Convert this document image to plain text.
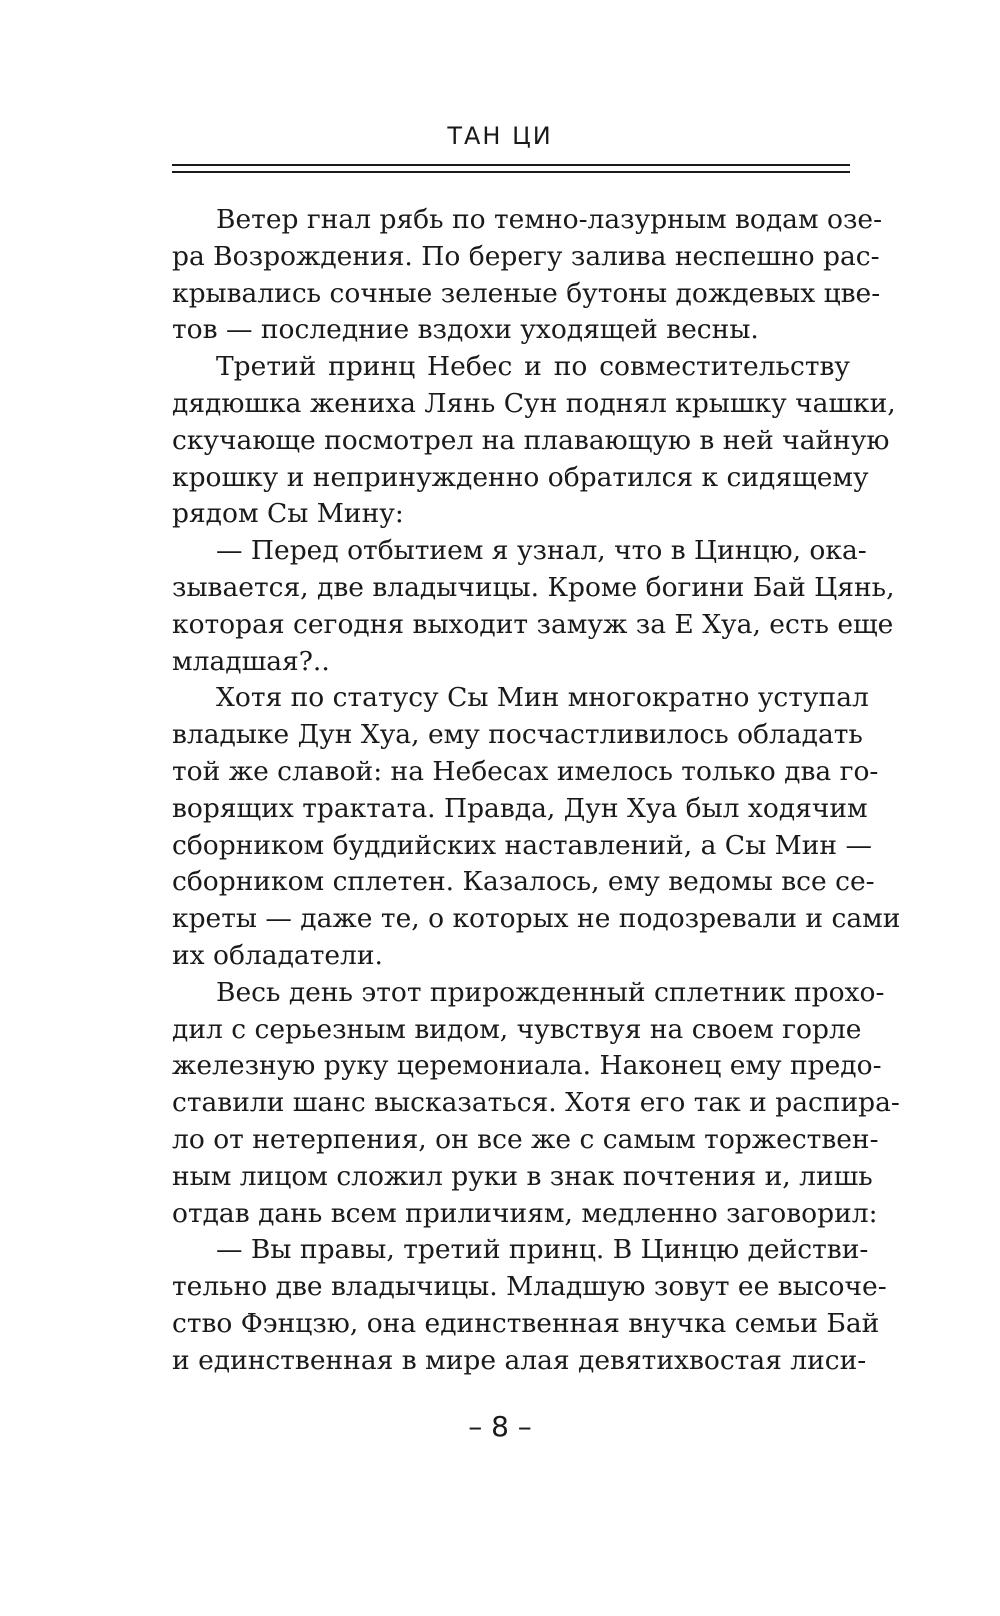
ТАН ЦИ
Ветер гнал рябь по темно-лазурным водам озе-
ра Возрождения. По берегу залива неспешно рас-
крывались сочные зеленые бутоны дождевых цве-
тов — последние вздохи уходящей весны.
Третий принц Небес и по совместительству
дядюшка жениха Лянь Сун поднял крышку чашки,
скучающе посмотрел на плавающую в ней чайную
крошку и непринужденно обратился к сидящему
рядом Сы Мину:
— Перед отбытием я узнал, что в Цинцю, ока-
зывается, две владычицы. Кроме богини Бай Цянь,
которая сегодня выходит замуж за Е Хуа, есть еще
младшая?..
Хотя по статусу Сы Мин многократно уступал
владыке Дун Хуа, ему посчастливилось обладать
той же славой: на Небесах имелось только два го-
ворящих трактата. Правда, Дун Хуа был ходячим
сборником буддийских наставлений, а Сы Мин —
сборником сплетен. Казалось, ему ведомы все се-
креты — даже те, о которых не подозревали и сами
их обладатели.
Весь день этот прирожденный сплетник прохо-
дил с серьезным видом, чувствуя на своем горле
железную руку церемониала. Наконец ему предо-
ставили шанс высказаться. Хотя его так и распира-
ло от нетерпения, он все же с самым торжествен-
ным лицом сложил руки в знак почтения и, лишь
отдав дань всем приличиям, медленно заговорил:
— Вы правы, третий принц. В Цинцю действи-
тельно две владычицы. Младшую зовут ее высоче-
ство Фэнцзю, она единственная внучка семьи Бай
и единственная в мире алая девятихвостая лиси-
– 8 –
